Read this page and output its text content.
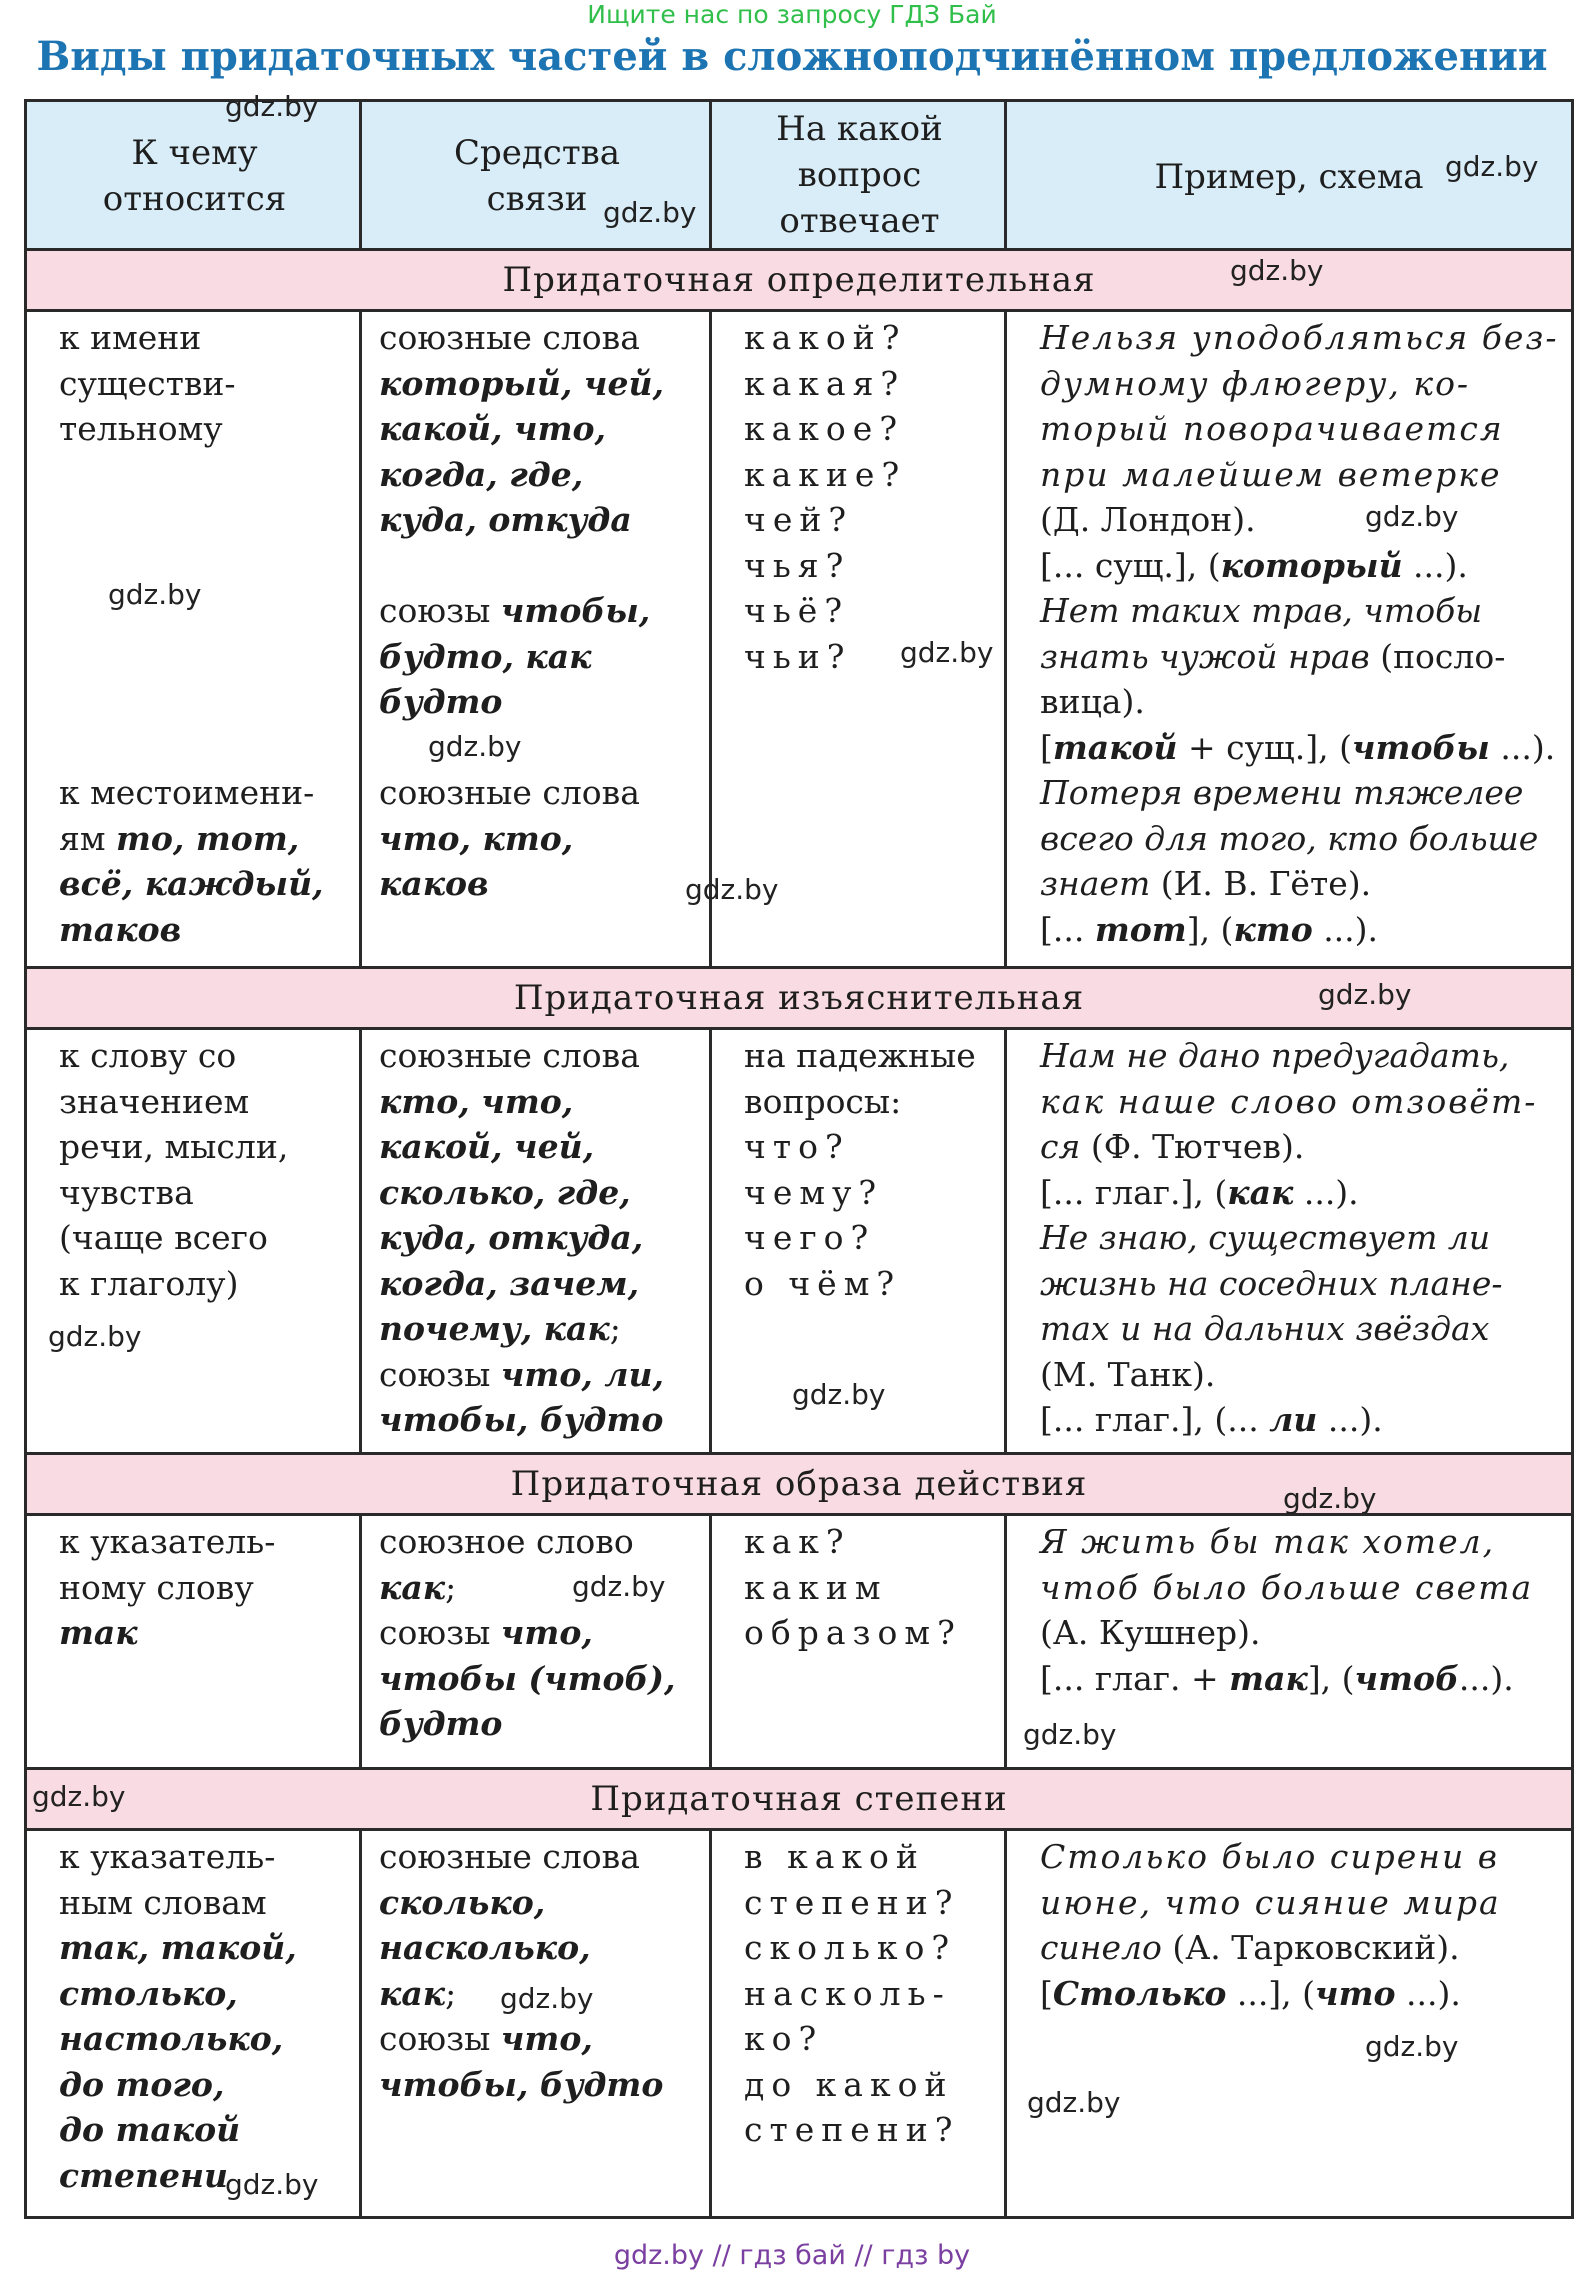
Ищите нас по запросу ГДЗ Бай
Виды придаточных частей в сложноподчинённом предложении
К чему
относится
Средства
связи
На какой
вопрос
отвечает
Пример, схема
Придаточная определительная
Придаточная изъяснительная
Придаточная образа действия
Придаточная степени
к имени
существи-
тельному
союзные слова
который, чей,
какой, что,
когда, где,
куда, откуда
союзы чтобы,
будто, как
будто
какой?
какая?
какое?
какие?
чей?
чья?
чьё?
чьи?
Нельзя уподобляться без-
думному флюгеру, ко-
торый поворачивается
при малейшем ветерке
(Д. Лондон).
[... сущ.], (который ...).
Нет таких трав, чтобы
знать чужой нрав (посло-
вица).
[такой + сущ.], (чтобы ...).
к местоимени-
ям то, тот,
всё, каждый,
таков
союзные слова
что, кто,
каков
Потеря времени тяжелее
всего для того, кто больше
знает (И. В. Гёте).
[... тот], (кто ...).
к слову со
значением
речи, мысли,
чувства
(чаще всего
к глаголу)
союзные слова
кто, что,
какой, чей,
сколько, где,
куда, откуда,
когда, зачем,
почему, как;
союзы что, ли,
чтобы, будто
на падежные
вопросы:
что?
чему?
чего?
о чём?
Нам не дано предугадать,
как наше слово отзовёт-
ся (Ф. Тютчев).
[... глаг.], (как ...).
Не знаю, существует ли
жизнь на соседних плане-
тах и на дальних звёздах
(М. Танк).
[... глаг.], (... ли ...).
к указатель-
ному слову
так
союзное слово
как;
союзы что,
чтобы (чтоб),
будто
как?
каким
образом?
Я жить бы так хотел,
чтоб было больше света
(А. Кушнер).
[... глаг. + так], (чтоб...).
к указатель-
ным словам
так, такой,
столько,
настолько,
до того,
до такой
степени
союзные слова
сколько,
насколько,
как;
союзы что,
чтобы, будто
в какой
степени?
сколько?
насколь-
ко?
до какой
степени?
Столько было сирени в
июне, что сияние мира
синело (А. Тарковский).
[Столько ...], (что ...).
gdz.by
gdz.by
gdz.by
gdz.by
gdz.by
gdz.by
gdz.by
gdz.by
gdz.by
gdz.by
gdz.by
gdz.by
gdz.by
gdz.by
gdz.by
gdz.by
gdz.by
gdz.by
gdz.by
gdz.by
gdz.by // гдз бай // гдз by
